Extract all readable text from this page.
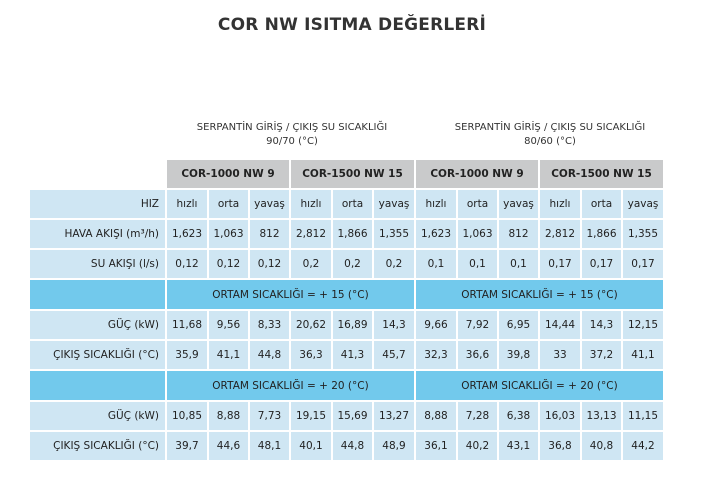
COR NW ISITMA DEĞERLERİ
SERPANTİN GİRİŞ / ÇIKIŞ SU SICAKLIĞI
90/70 (°C)
SERPANTİN GİRİŞ / ÇIKIŞ SU SICAKLIĞI
80/60 (°C)
	COR-1000 NW 9			COR-1500 NW 15			COR-1000 NW 9			COR-1500 NW 15		
HIZ	hızlı	orta	yavaş	hızlı	orta	yavaş	hızlı	orta	yavaş	hızlı	orta	yavaş
HAVA AKIŞI (m³/h)	1,623	1,063	812	2,812	1,866	1,355	1,623	1,063	812	2,812	1,866	1,355
SU AKIŞI (l/s)	0,12	0,12	0,12	0,2	0,2	0,2	0,1	0,1	0,1	0,17	0,17	0,17
	ORTAM SICAKLIĞI = + 15 (°C)						ORTAM SICAKLIĞI = + 15 (°C)					
GÜÇ (kW)	11,68	9,56	8,33	20,62	16,89	14,3	9,66	7,92	6,95	14,44	14,3	12,15
ÇIKIŞ SICAKLIĞI (°C)	35,9	41,1	44,8	36,3	41,3	45,7	32,3	36,6	39,8	33	37,2	41,1
	ORTAM SICAKLIĞI = + 20 (°C)						ORTAM SICAKLIĞI = + 20 (°C)					
GÜÇ (kW)	10,85	8,88	7,73	19,15	15,69	13,27	8,88	7,28	6,38	16,03	13,13	11,15
ÇIKIŞ SICAKLIĞI (°C)	39,7	44,6	48,1	40,1	44,8	48,9	36,1	40,2	43,1	36,8	40,8	44,2
